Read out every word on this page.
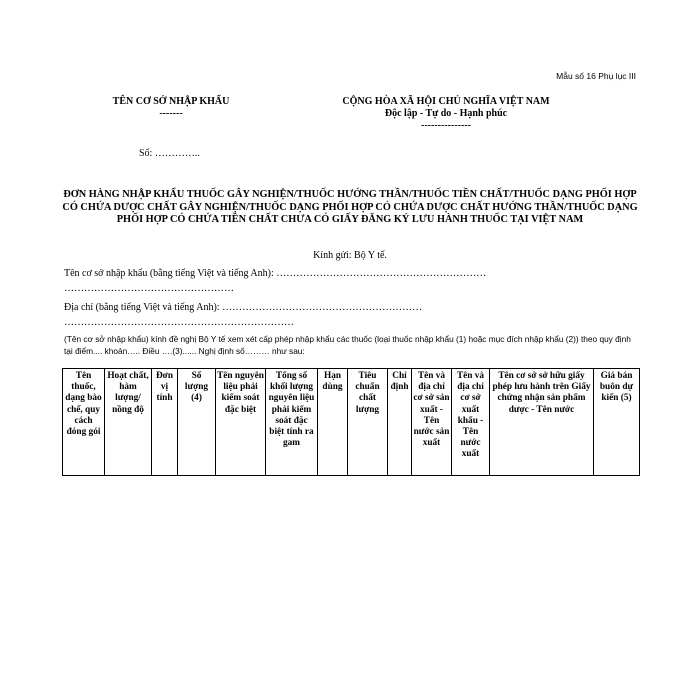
Mẫu số 16 Phụ lục III
TÊN CƠ SỞ NHẬP KHẨU
-------
CỘNG HÒA XÃ HỘI CHỦ NGHĨA VIỆT NAM
Độc lập - Tự do - Hạnh phúc
---------------
Số: …………..
ĐƠN HÀNG NHẬP KHẨU THUỐC GÂY NGHIỆN/THUỐC HƯỚNG THẦN/THUỐC TIỀN CHẤT/THUỐC DẠNG PHỐI HỢP CÓ CHỨA DƯỢC CHẤT GÂY NGHIỆN/THUỐC DẠNG PHỐI HỢP CÓ CHỨA DƯỢC CHẤT HƯỚNG THẦN/THUỐC DẠNG PHỐI HỢP CÓ CHỨA TIỀN CHẤT CHƯA CÓ GIẤY ĐĂNG KÝ LƯU HÀNH THUỐC TẠI VIỆT NAM
Kính gửi: Bộ Y tế.
Tên cơ sở nhập khẩu (bằng tiếng Việt và tiếng Anh): ………………………………………………………
……………………………………………
Địa chỉ (bằng tiếng Việt và tiếng Anh): ……………………………………………………
……………………………………………………………
(Tên cơ sở nhập khẩu) kính đề nghị Bộ Y tế xem xét cấp phép nhập khẩu các thuốc (loại thuốc nhập khẩu (1) hoặc mục đích nhập khẩu (2)) theo quy định tại điểm.... khoản….. Điều ….(3)...... Nghị định số……… như sau:
Tên thuốc, dạng bào chế, quy cách đóng gói	Hoạt chất, hàm lượng/ nồng độ	Đơn vị tính	Số lượng (4)	Tên nguyên liệu phải kiểm soát đặc biệt	Tổng số khối lượng nguyên liệu phải kiểm soát đặc biệt tính ra gam	Hạn dùng	Tiêu chuẩn chất lượng	Chỉ định	Tên và địa chỉ cơ sở sản xuất - Tên nước sản xuất	Tên và địa chỉ cơ sở xuất khẩu - Tên nước xuất	Tên cơ sở sở hữu giấy phép lưu hành trên Giấy chứng nhận sản phẩm dược - Tên nước	Giá bán buôn dự kiến (5)
